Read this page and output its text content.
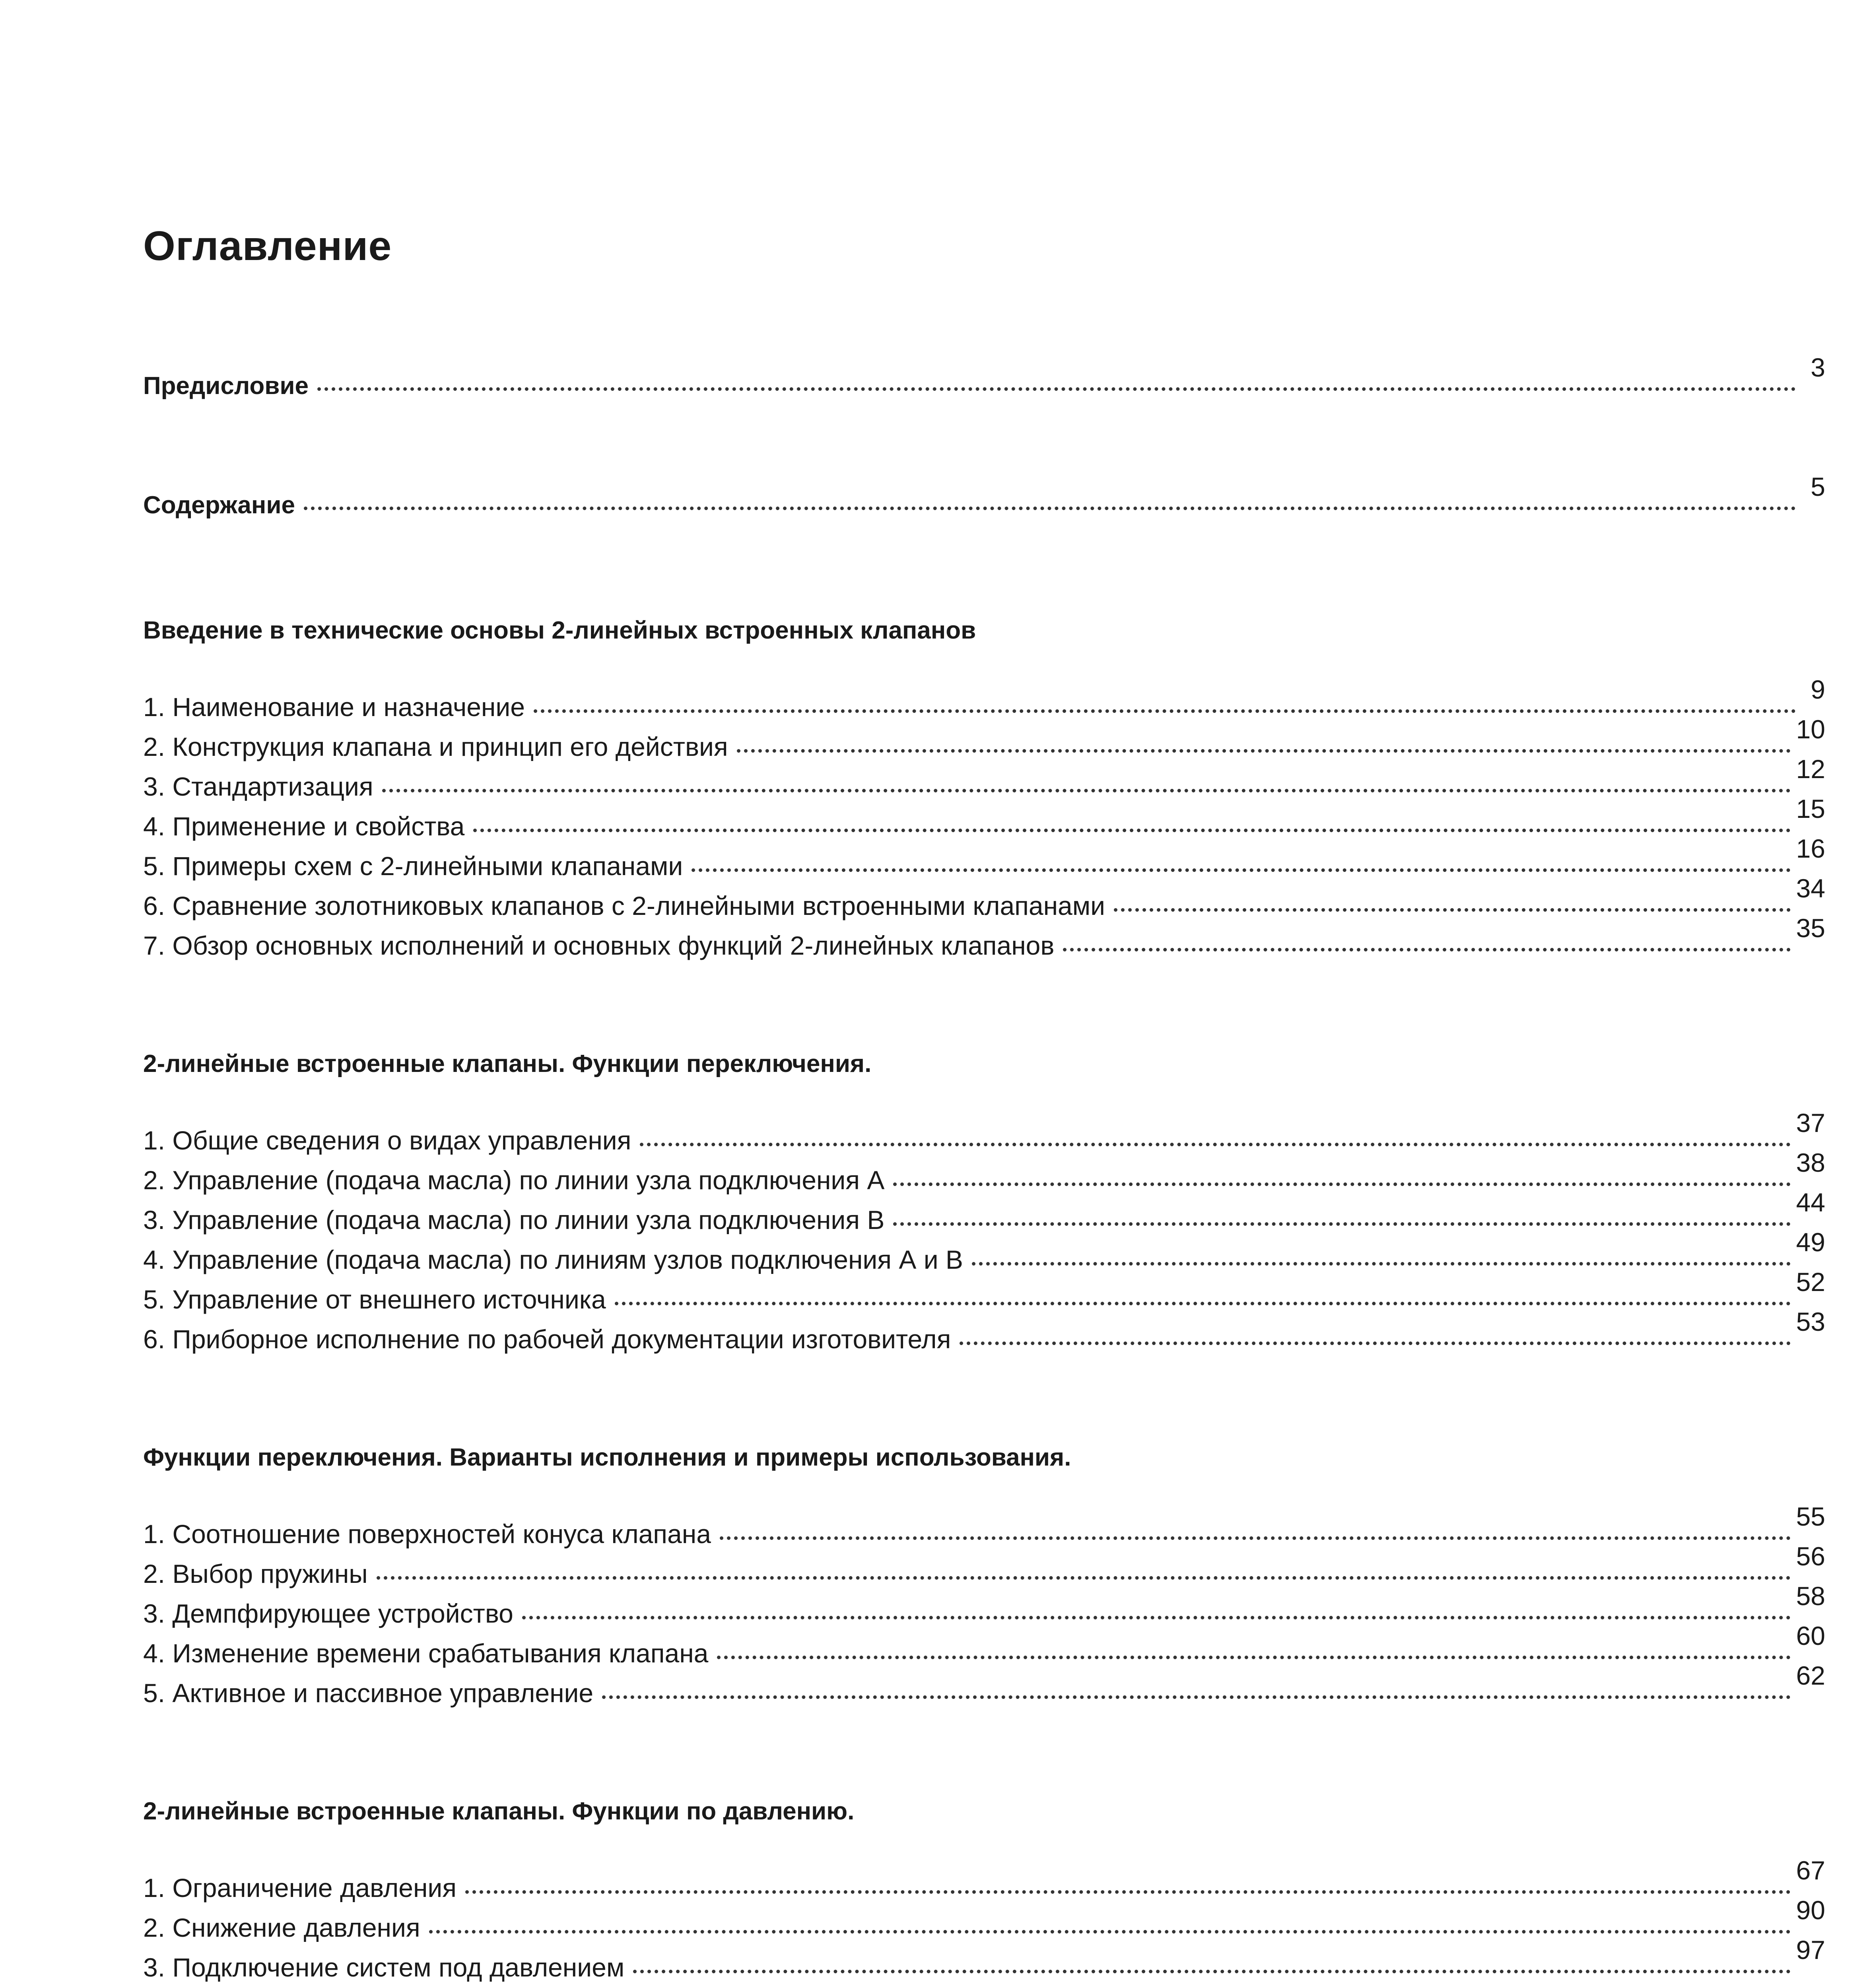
Оглавление
Предисловие
3
Содержание
5
Введение в технические основы 2-линейных встроенных клапанов
1. Наименование и назначение
9
2. Конструкция клапана и принцип его действия
10
3. Стандартизация
12
4. Применение и свойства
15
5. Примеры схем с 2-линейными клапанами
16
6. Сравнение золотниковых клапанов с 2-линейными встроенными клапанами
34
7. Обзор основных исполнений и основных функций 2-линейных клапанов
35
2-линейные встроенные клапаны. Функции переключения.
1. Общие сведения о видах управления
37
2. Управление (подача масла) по линии узла подключения А
38
3. Управление (подача масла) по линии узла подключения В
44
4. Управление (подача масла) по линиям узлов подключения А и В
49
5. Управление от внешнего источника
52
6. Приборное исполнение по рабочей документации изготовителя
53
Функции переключения. Варианты исполнения и примеры использования.
1. Соотношение поверхностей конуса клапана
55
2. Выбор пружины
56
3. Демпфирующее устройство
58
4. Изменение времени срабатывания клапана
60
5. Активное и пассивное управление
62
2-линейные встроенные клапаны. Функции по давлению.
1. Ограничение давления
67
2. Снижение давления
90
3. Подключение систем под давлением
97
